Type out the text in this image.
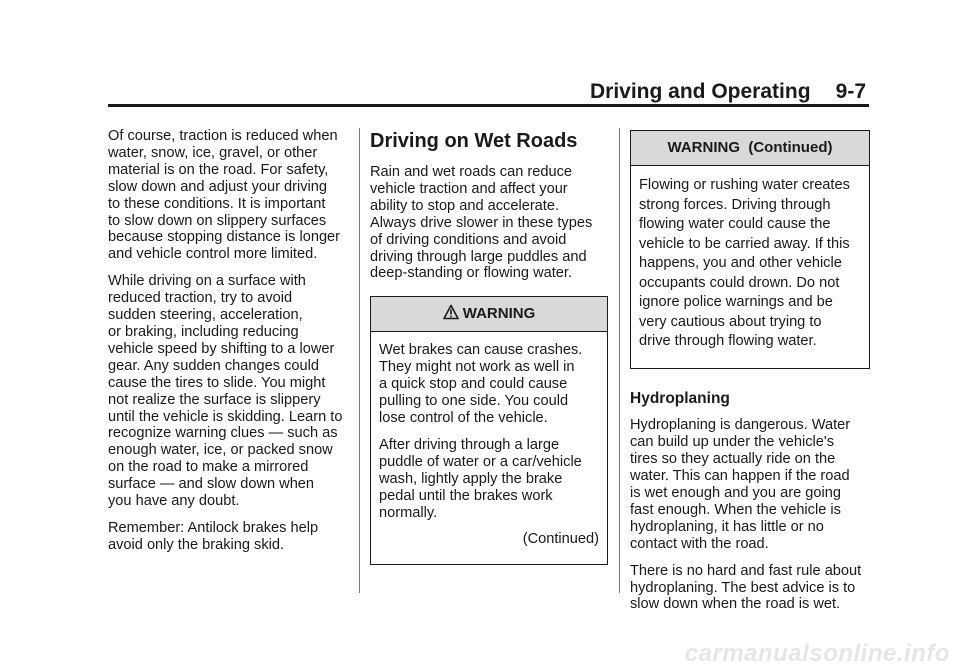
Driving and Operating 9-7

Of course, traction is reduced when
water, snow, ice, gravel, or other
material is on the road. For safety,
slow down and adjust your driving
to these conditions. It is important
to slow down on slippery surfaces
because stopping distance is longer
and vehicle control more limited.

While driving on a surface with
reduced traction, try to avoid
sudden steering, acceleration,
or braking, including reducing
vehicle speed by shifting to a lower
gear. Any sudden changes could
cause the tires to slide. You might
not realize the surface is slippery
until the vehicle is skidding. Learn to
recognize warning clues — such as
enough water, ice, or packed snow
on the road to make a mirrored
surface — and slow down when
you have any doubt.

Remember: Antilock brakes help
avoid only the braking skid.

Driving on Wet Roads

Rain and wet roads can reduce
vehicle traction and affect your
ability to stop and accelerate.
Always drive slower in these types
of driving conditions and avoid
driving through large puddles and
deep-standing or flowing water.

WARNING

Wet brakes can cause crashes.
They might not work as well in
a quick stop and could cause
pulling to one side. You could
lose control of the vehicle.

After driving through a large
puddle of water or a car/vehicle
wash, lightly apply the brake
pedal until the brakes work
normally.

(Continued)

WARNING  (Continued)

Flowing or rushing water creates
strong forces. Driving through
flowing water could cause the
vehicle to be carried away. If this
happens, you and other vehicle
occupants could drown. Do not
ignore police warnings and be
very cautious about trying to
drive through flowing water.

Hydroplaning

Hydroplaning is dangerous. Water
can build up under the vehicle's
tires so they actually ride on the
water. This can happen if the road
is wet enough and you are going
fast enough. When the vehicle is
hydroplaning, it has little or no
contact with the road.

There is no hard and fast rule about
hydroplaning. The best advice is to
slow down when the road is wet.

carmanualsonline.info
